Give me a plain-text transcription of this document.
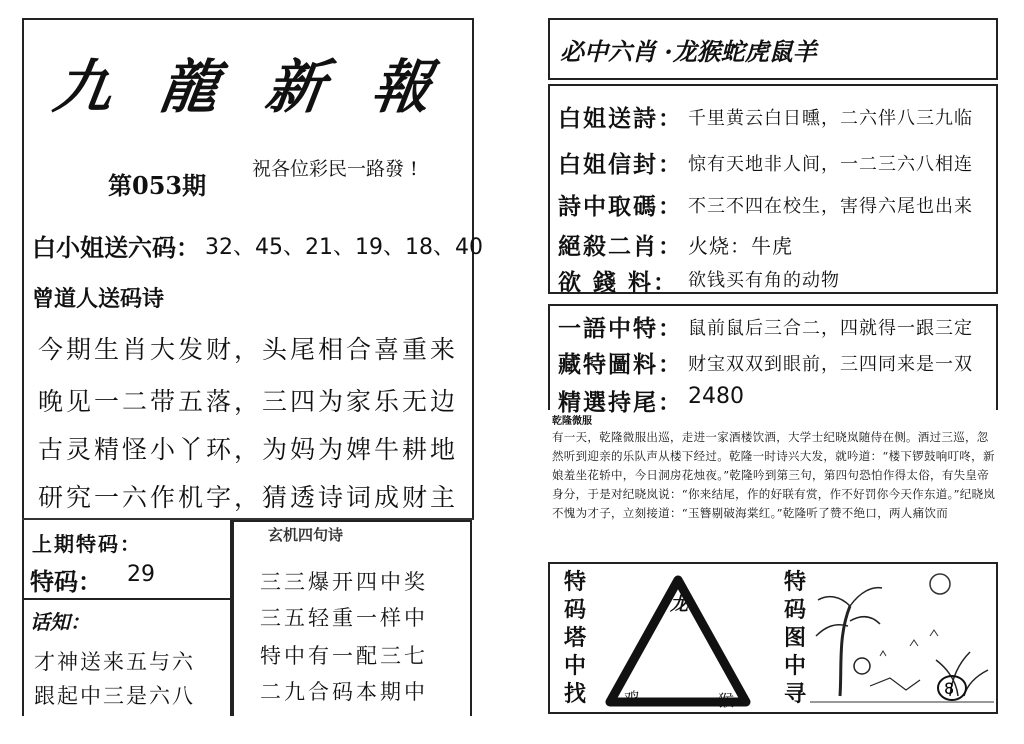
九龍新報
第053期
祝各位彩民一路發 !
白小姐送六码： 32、45、21、19、18、40
曾道人送码诗
今期生肖大发财，头尾相合喜重来
晚见一二带五落，三四为家乐无边
古灵精怪小丫环，为妈为婢牛耕地
研究一六作机字，猜透诗词成财主
上期特码：
特码： 29
话知：
才神送来五与六
跟起中三是六八
玄机四句诗
三三爆开四中奖
三五轻重一样中
特中有一配三七
二九合码本期中
必中六肖 ·龙猴蛇虎鼠羊
白姐送詩： 千里黄云白日曛，二六伴八三九临
白姐信封： 惊有天地非人间，一二三六八相连
詩中取碼： 不三不四在校生，害得六尾也出来
絕殺二肖： 火烧：牛虎
欲 錢 料： 欲钱买有角的动物
一語中特： 鼠前鼠后三合二，四就得一跟三定
藏特圖料： 财宝双双到眼前，三四同来是一双
精選持尾： 2480
乾隆微服
有一天，乾隆微服出巡，走进一家酒楼饮酒，大学士纪晓岚随侍在侧。酒过三巡，忽然听到迎亲的乐队声从楼下经过。乾隆一时诗兴大发，就吟道：“楼下锣鼓响叮咚，新娘羞坐花轿中，今日洞房花烛夜。”乾隆吟到第三句，第四句恐怕作得太俗，有失皇帝身分，于是对纪晓岚说：“你来结尾，作的好联有赏，作不好罚你今天作东道。”纪晓岚不愧为才子，立刻接道：“玉簪剔破海棠红。”乾隆听了赞不绝口，两人痛饮而
特码塔中找
特码图中寻
龙
鸡	猴
8
